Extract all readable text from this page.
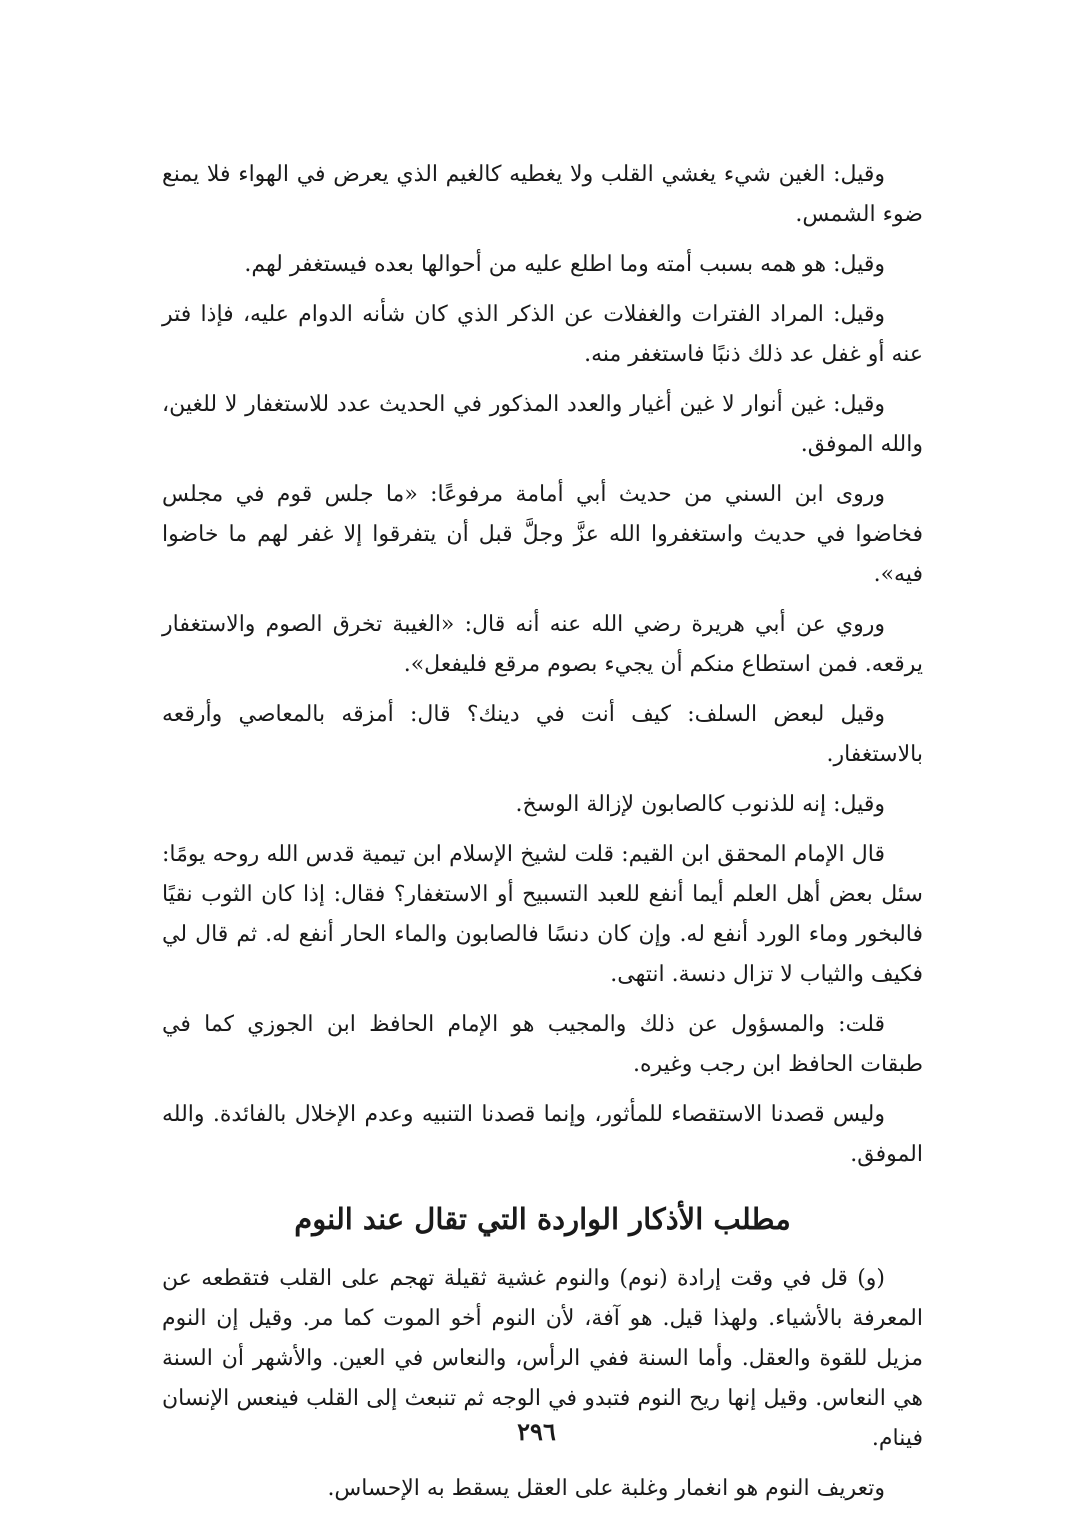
وقيل: الغين شيء يغشي القلب ولا يغطيه كالغيم الذي يعرض في الهواء فلا يمنع ضوء الشمس.

وقيل: هو همه بسبب أمته وما اطلع عليه من أحوالها بعده فيستغفر لهم.

وقيل: المراد الفترات والغفلات عن الذكر الذي كان شأنه الدوام عليه، فإذا فتر عنه أو غفل عد ذلك ذنبًا فاستغفر منه.

وقيل: غين أنوار لا غين أغيار والعدد المذكور في الحديث عدد للاستغفار لا للغين، والله الموفق.

وروى ابن السني من حديث أبي أمامة مرفوعًا: «ما جلس قوم في مجلس فخاضوا في حديث واستغفروا الله عزَّ وجلَّ قبل أن يتفرقوا إلا غفر لهم ما خاضوا فيه».

وروي عن أبي هريرة رضي الله عنه أنه قال: «الغيبة تخرق الصوم والاستغفار يرقعه. فمن استطاع منكم أن يجيء بصوم مرقع فليفعل».

وقيل لبعض السلف: كيف أنت في دينك؟ قال: أمزقه بالمعاصي وأرقعه بالاستغفار.

وقيل: إنه للذنوب كالصابون لإزالة الوسخ.

قال الإمام المحقق ابن القيم: قلت لشيخ الإسلام ابن تيمية قدس الله روحه يومًا: سئل بعض أهل العلم أيما أنفع للعبد التسبيح أو الاستغفار؟ فقال: إذا كان الثوب نقيًا فالبخور وماء الورد أنفع له. وإن كان دنسًا فالصابون والماء الحار أنفع له. ثم قال لي فكيف والثياب لا تزال دنسة. انتهى.

قلت: والمسؤول عن ذلك والمجيب هو الإمام الحافظ ابن الجوزي كما في طبقات الحافظ ابن رجب وغيره.

وليس قصدنا الاستقصاء للمأثور، وإنما قصدنا التنبيه وعدم الإخلال بالفائدة. والله الموفق.

مطلب الأذكار الواردة التي تقال عند النوم

(و) قل في وقت إرادة (نوم) والنوم غشية ثقيلة تهجم على القلب فتقطعه عن المعرفة بالأشياء. ولهذا قيل. هو آفة، لأن النوم أخو الموت كما مر. وقيل إن النوم مزيل للقوة والعقل. وأما السنة ففي الرأس، والنعاس في العين. والأشهر أن السنة هي النعاس. وقيل إنها ريح النوم فتبدو في الوجه ثم تنبعث إلى القلب فينعس الإنسان فينام.

وتعريف النوم هو انغمار وغلبة على العقل يسقط به الإحساس.

٢٩٦
